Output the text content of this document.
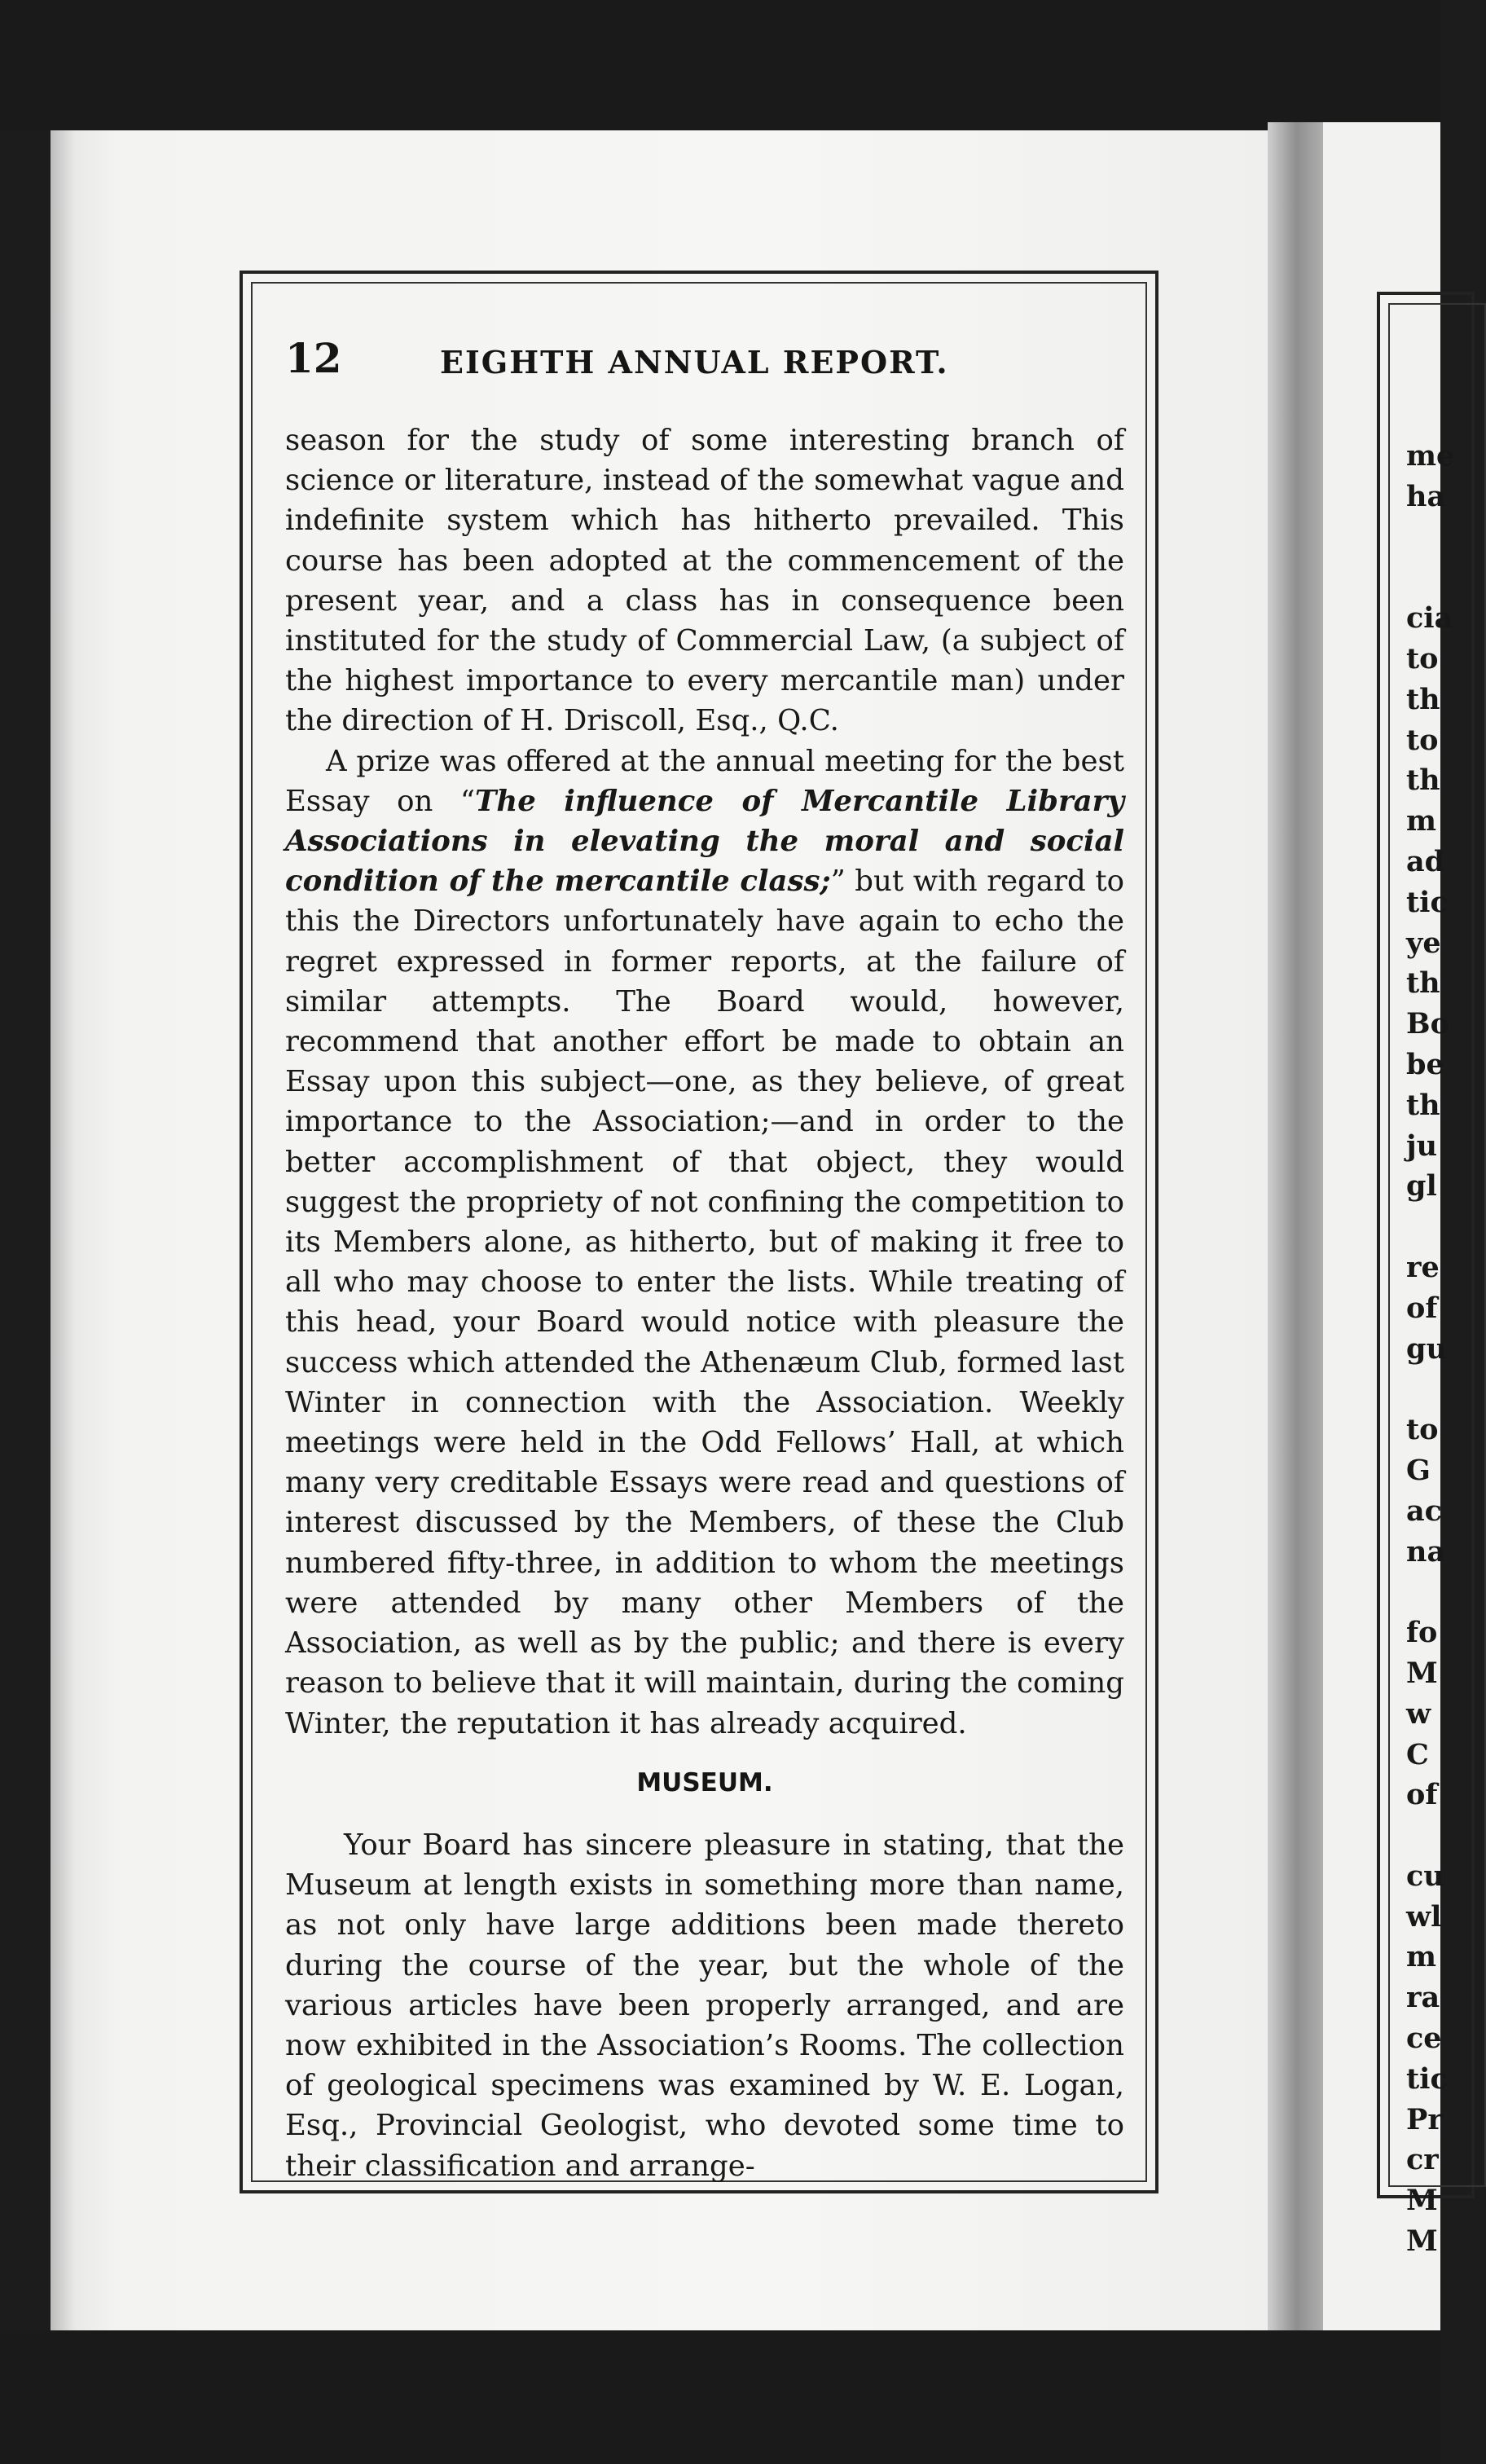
12	EIGHTH ANNUAL REPORT.

season for the study of some interesting branch of science or literature, instead of the somewhat vague and indefinite system which has hitherto prevailed. This course has been adopted at the commencement of the present year, and a class has in consequence been instituted for the study of Commercial Law, (a subject of the highest importance to every mercantile man) under the direction of H. Driscoll, Esq., Q.C.

A prize was offered at the annual meeting for the best Essay on “The influence of Mercantile Library Associations in elevating the moral and social condition of the mercantile class;” but with regard to this the Directors unfortunately have again to echo the regret expressed in former reports, at the failure of similar attempts. The Board would, however, recommend that another effort be made to obtain an Essay upon this subject—one, as they believe, of great importance to the Association;—and in order to the better accomplishment of that object, they would suggest the propriety of not confining the competition to its Members alone, as hitherto, but of making it free to all who may choose to enter the lists. While treating of this head, your Board would notice with pleasure the success which attended the Athenæum Club, formed last Winter in connection with the Association. Weekly meetings were held in the Odd Fellows’ Hall, at which many very creditable Essays were read and questions of interest discussed by the Members, of these the Club numbered fifty-three, in addition to whom the meetings were attended by many other Members of the Association, as well as by the public; and there is every reason to believe that it will maintain, during the coming Winter, the reputation it has already acquired.

MUSEUM.

Your Board has sincere pleasure in stating, that the Museum at length exists in something more than name, as not only have large additions been made thereto during the course of the year, but the whole of the various articles have been properly arranged, and are now exhibited in the Association’s Rooms. The collection of geological specimens was examined by W. E. Logan, Esq., Provincial Geologist, who devoted some time to their classification and arrange-

me
ha
cia
to
th
to
th
m
ad
tic
ye
th
Bo
be
th
ju
gl
re
of
gu
to
G
ac
na
fo
M
w
C
of
cu
wl
m
ra
ce
tic
Pr
cr
M
M
